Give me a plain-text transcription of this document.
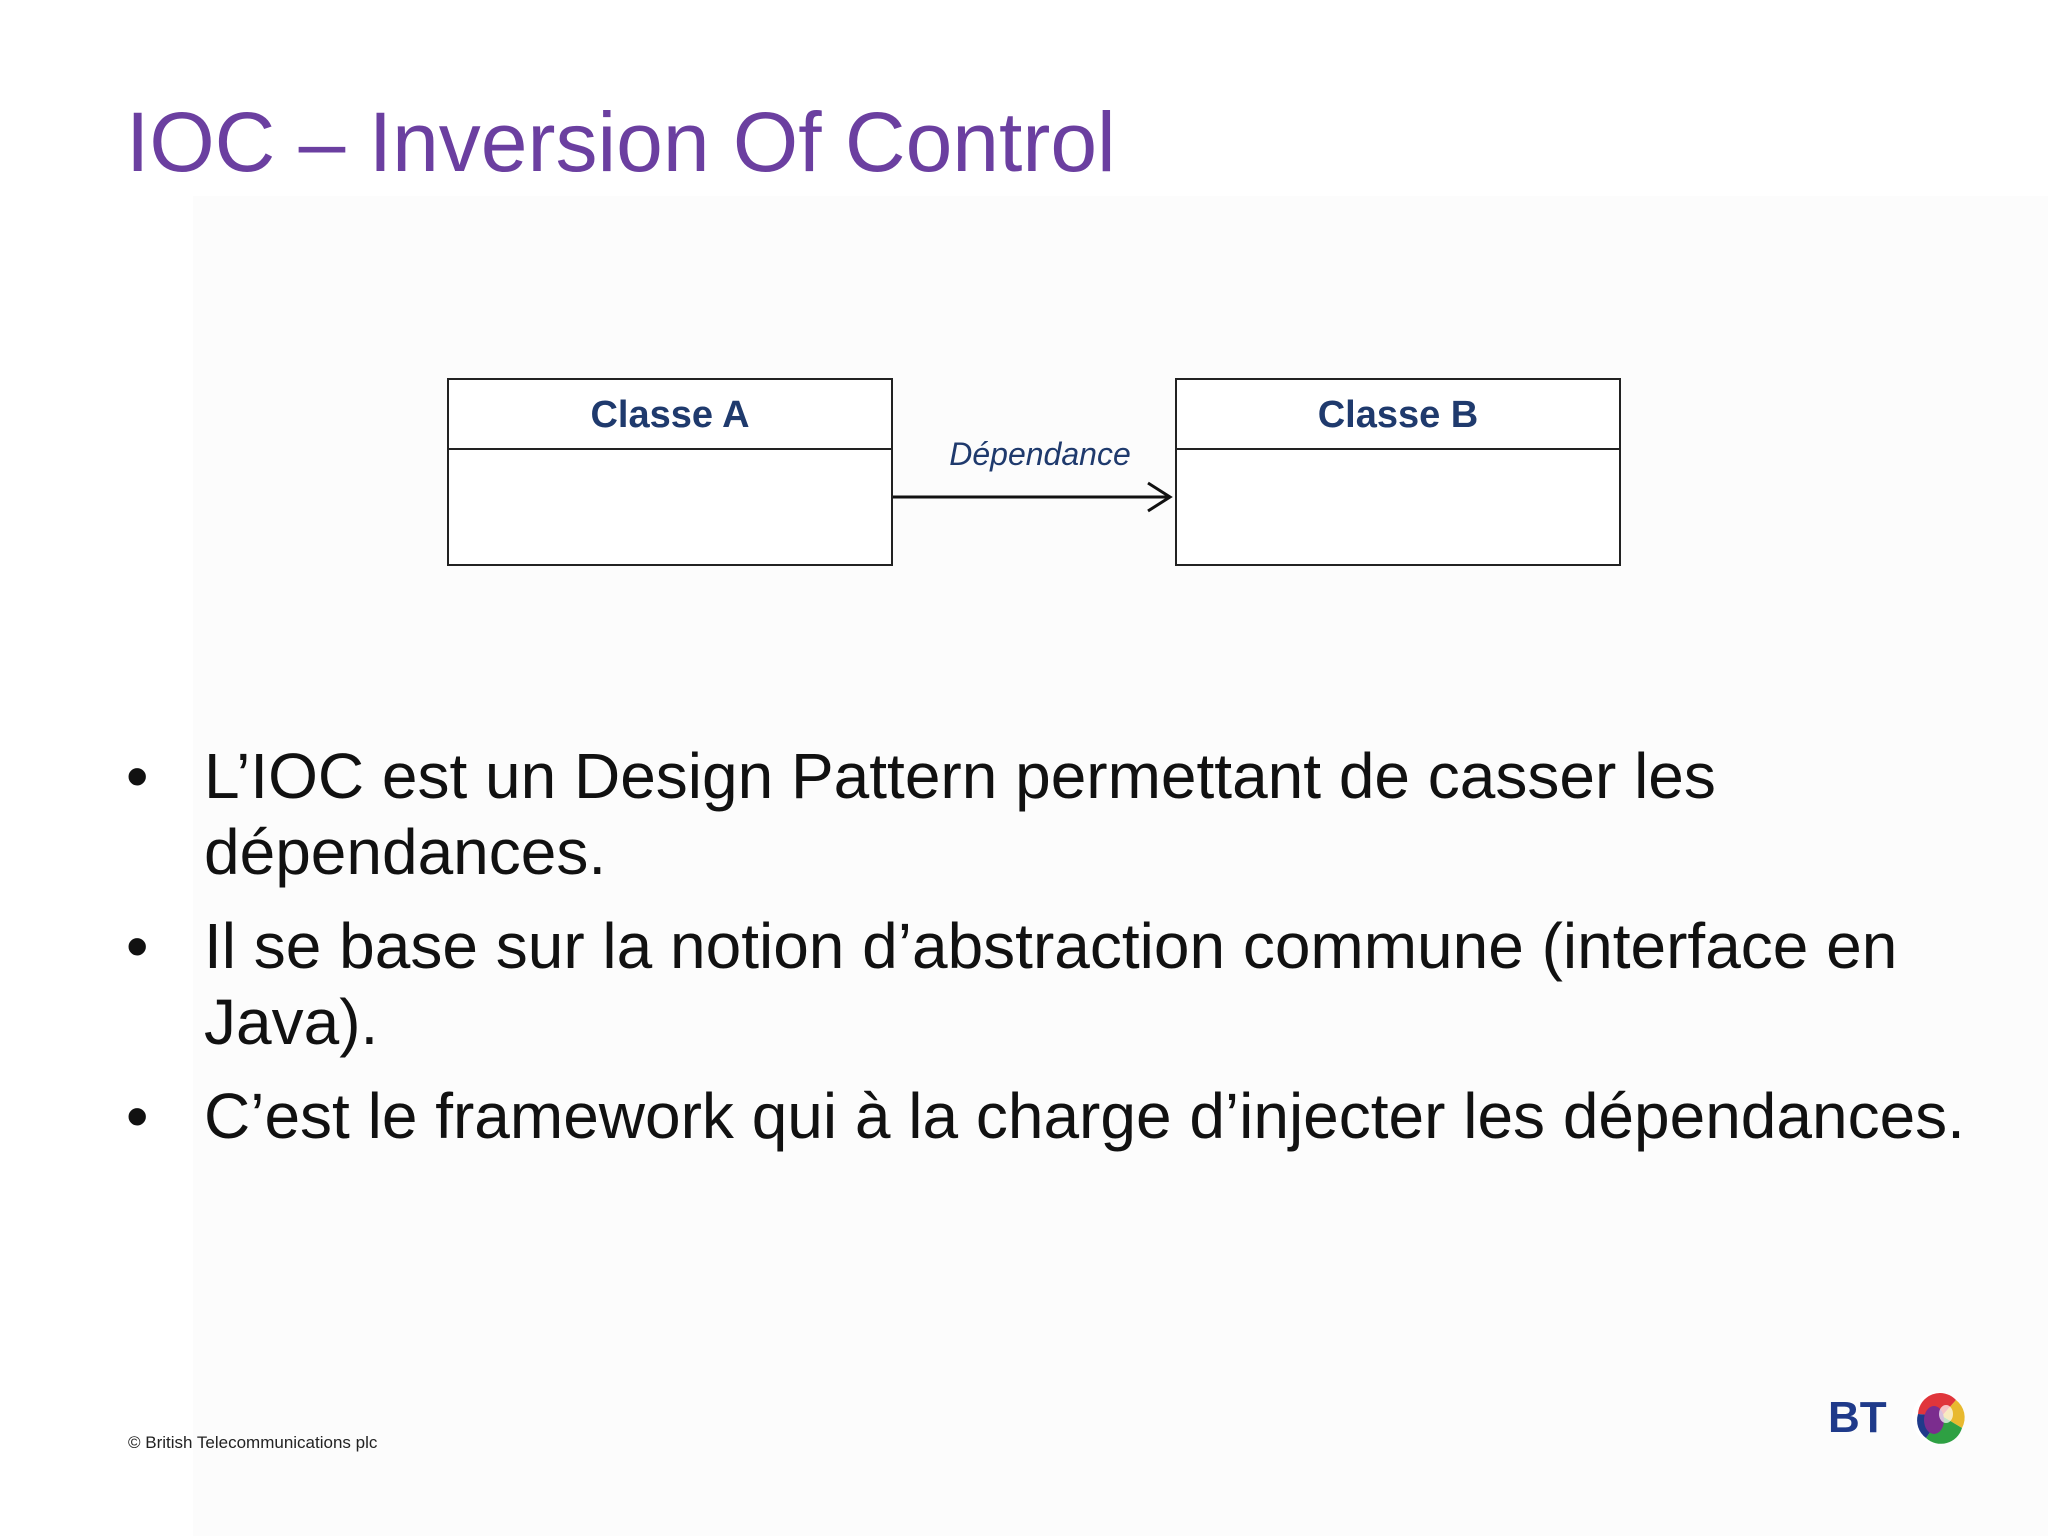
IOC – Inversion Of Control
Classe A	Classe B
Dépendance
• L’IOC est un Design Pattern permettant de casser les dépendances.
• Il se base sur la notion d’abstraction commune (interface en Java).
• C’est le framework qui à la charge d’injecter les dépendances.
© British Telecommunications plc
BT
